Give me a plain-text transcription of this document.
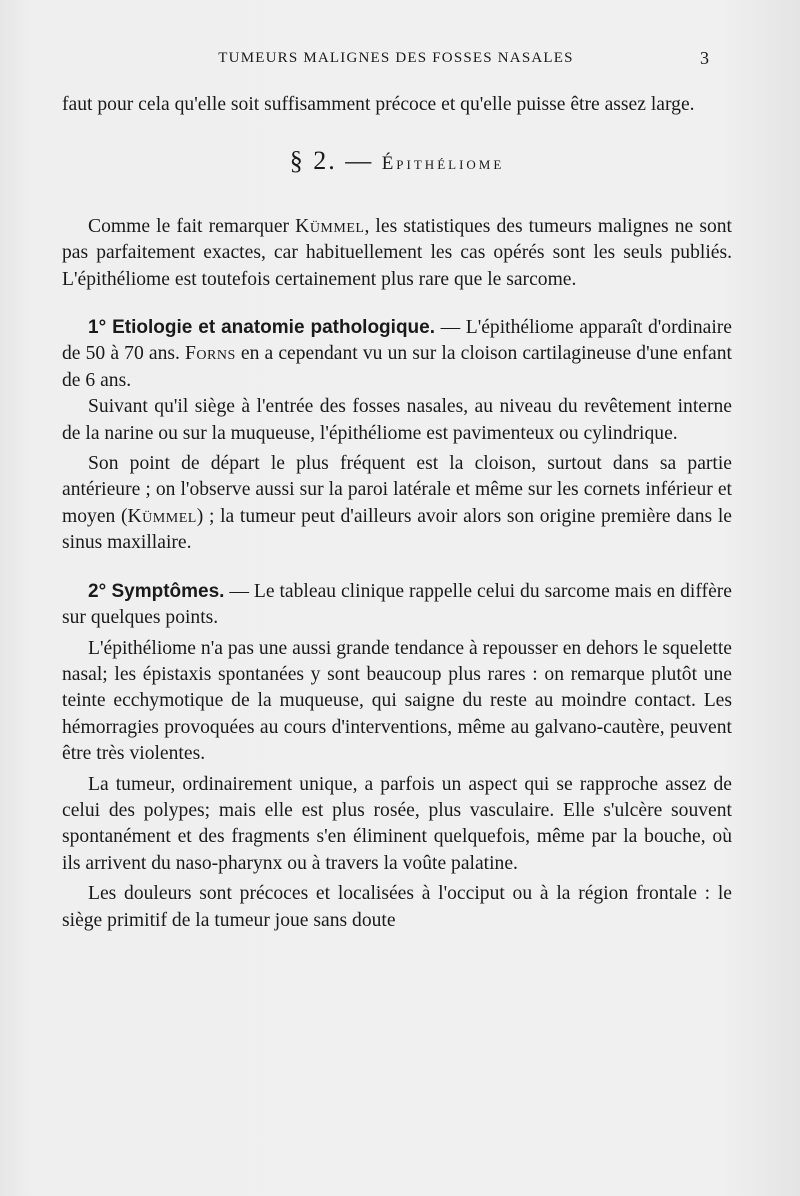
TUMEURS MALIGNES DES FOSSES NASALES	3

faut pour cela qu'elle soit suffisamment précoce et qu'elle puisse être assez large.

§ 2. — Épithéliome

Comme le fait remarquer Kümmel, les statistiques des tumeurs malignes ne sont pas parfaitement exactes, car habituellement les cas opérés sont les seuls publiés. L'épithéliome est toutefois certainement plus rare que le sarcome.

1° Etiologie et anatomie pathologique. — L'épithéliome apparaît d'ordinaire de 50 à 70 ans. Forns en a cependant vu un sur la cloison cartilagineuse d'une enfant de 6 ans.

Suivant qu'il siège à l'entrée des fosses nasales, au niveau du revêtement interne de la narine ou sur la muqueuse, l'épithéliome est pavimenteux ou cylindrique.

Son point de départ le plus fréquent est la cloison, surtout dans sa partie antérieure ; on l'observe aussi sur la paroi latérale et même sur les cornets inférieur et moyen (Kümmel) ; la tumeur peut d'ailleurs avoir alors son origine première dans le sinus maxillaire.

2° Symptômes. — Le tableau clinique rappelle celui du sarcome mais en diffère sur quelques points.

L'épithéliome n'a pas une aussi grande tendance à repousser en dehors le squelette nasal; les épistaxis spontanées y sont beaucoup plus rares : on remarque plutôt une teinte ecchymotique de la muqueuse, qui saigne du reste au moindre contact. Les hémorragies provoquées au cours d'interventions, même au galvano-cautère, peuvent être très violentes.

La tumeur, ordinairement unique, a parfois un aspect qui se rapproche assez de celui des polypes; mais elle est plus rosée, plus vasculaire. Elle s'ulcère souvent spontanément et des fragments s'en éliminent quelquefois, même par la bouche, où ils arrivent du naso-pharynx ou à travers la voûte palatine.

Les douleurs sont précoces et localisées à l'occiput ou à la région frontale : le siège primitif de la tumeur joue sans doute
